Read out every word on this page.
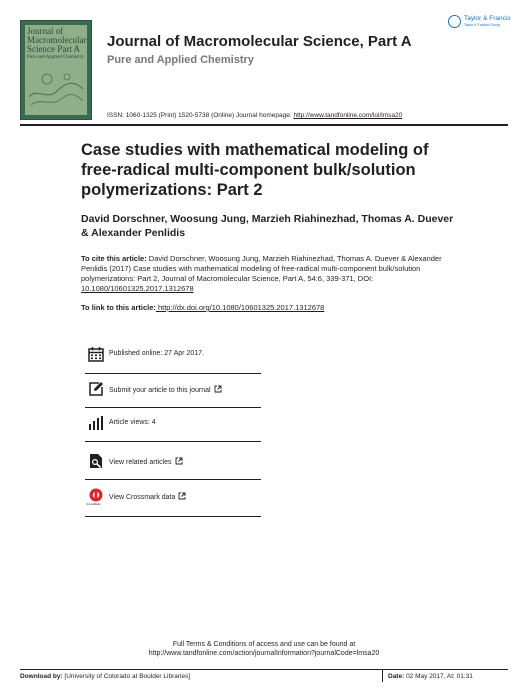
Journal of Macromolecular Science Part A
Pure and Applied Chemistry
Journal of Macromolecular Science, Part A
Pure and Applied Chemistry
Taylor & Francis
Taylor & Francis Group
ISSN: 1060-1325 (Print) 1520-5738 (Online) Journal homepage: http://www.tandfonline.com/loi/lmsa20
Case studies with mathematical modeling of free-radical multi-component bulk/solution polymerizations: Part 2
David Dorschner, Woosung Jung, Marzieh Riahinezhad, Thomas A. Duever & Alexander Penlidis
To cite this article: David Dorschner, Woosung Jung, Marzieh Riahinezhad, Thomas A. Duever & Alexander Penlidis (2017) Case studies with mathematical modeling of free-radical multi-component bulk/solution polymerizations: Part 2, Journal of Macromolecular Science, Part A, 54:6, 339-371, DOI: 10.1080/10601325.2017.1312678
To link to this article: http://dx.doi.org/10.1080/10601325.2017.1312678
Published online: 27 Apr 2017.
Submit your article to this journal
Article views: 4
View related articles
CrossMark
View Crossmark data
Full Terms & Conditions of access and use can be found at
http://www.tandfonline.com/action/journalInformation?journalCode=lmsa20
Download by: [University of Colorado at Boulder Libraries]	Date: 02 May 2017, At: 01:31
